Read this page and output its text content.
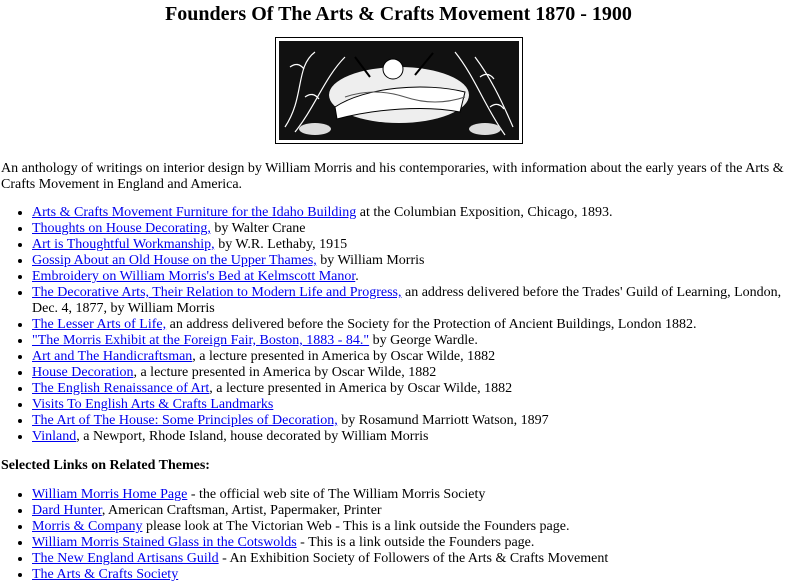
Founders Of The Arts & Crafts Movement 1870 - 1900

An anthology of writings on interior design by William Morris and his contemporaries, with information about the early years of the Arts & Crafts Movement in England and America.

• Arts & Crafts Movement Furniture for the Idaho Building at the Columbian Exposition, Chicago, 1893.
• Thoughts on House Decorating, by Walter Crane
• Art is Thoughtful Workmanship, by W.R. Lethaby, 1915
• Gossip About an Old House on the Upper Thames, by William Morris
• Embroidery on William Morris's Bed at Kelmscott Manor.
• The Decorative Arts, Their Relation to Modern Life and Progress, an address delivered before the Trades' Guild of Learning, London, Dec. 4, 1877, by William Morris
• The Lesser Arts of Life, an address delivered before the Society for the Protection of Ancient Buildings, London 1882.
• "The Morris Exhibit at the Foreign Fair, Boston, 1883 - 84." by George Wardle.
• Art and The Handicraftsman, a lecture presented in America by Oscar Wilde, 1882
• House Decoration, a lecture presented in America by Oscar Wilde, 1882
• The English Renaissance of Art, a lecture presented in America by Oscar Wilde, 1882
• Visits To English Arts & Crafts Landmarks
• The Art of The House: Some Principles of Decoration, by Rosamund Marriott Watson, 1897
• Vinland, a Newport, Rhode Island, house decorated by William Morris
Selected Links on Related Themes:
• William Morris Home Page - the official web site of The William Morris Society
• Dard Hunter, American Craftsman, Artist, Papermaker, Printer
• Morris & Company please look at The Victorian Web - This is a link outside the Founders page.
• William Morris Stained Glass in the Cotswolds - This is a link outside the Founders page.
• The New England Artisans Guild - An Exhibition Society of Followers of the Arts & Crafts Movement
• The Arts & Crafts Society
